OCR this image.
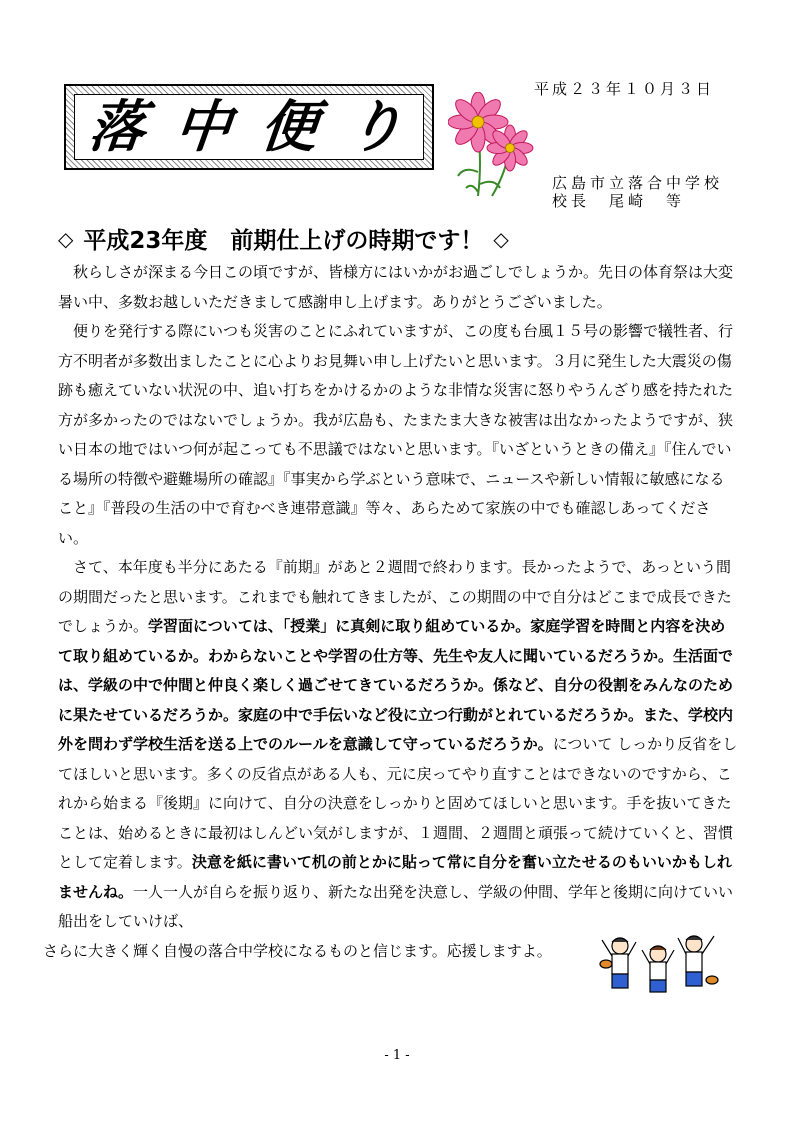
平成２３年１０月３日
落中便り
広島市立落合中学校
校長　尾崎　等
◇ 平成23年度　前期仕上げの時期です！ ◇

秋らしさが深まる今日この頃ですが、皆様方にはいかがお過ごしでしょうか。先日の体育祭は大変暑い中、多数お越しいただきまして感謝申し上げます。ありがとうございました。

便りを発行する際にいつも災害のことにふれていますが、この度も台風１５号の影響で犠牲者、行方不明者が多数出ましたことに心よりお見舞い申し上げたいと思います。３月に発生した大震災の傷跡も癒えていない状況の中、追い打ちをかけるかのような非情な災害に怒りやうんざり感を持たれた方が多かったのではないでしょうか。我が広島も、たまたま大きな被害は出なかったようですが、狭い日本の地ではいつ何が起こっても不思議ではないと思います。『いざというときの備え』『住んでいる場所の特徴や避難場所の確認』『事実から学ぶという意味で、ニュースや新しい情報に敏感になること』『普段の生活の中で育むべき連帯意識』等々、あらためて家族の中でも確認しあってください。

さて、本年度も半分にあたる『前期』があと２週間で終わります。長かったようで、あっという間の期間だったと思います。これまでも触れてきましたが、この期間の中で自分はどこまで成長できたでしょうか。学習面については、「授業」に真剣に取り組めているか。家庭学習を時間と内容を決めて取り組めているか。わからないことや学習の仕方等、先生や友人に聞いているだろうか。生活面では、学級の中で仲間と仲良く楽しく過ごせてきているだろうか。係など、自分の役割をみんなのために果たせているだろうか。家庭の中で手伝いなど役に立つ行動がとれているだろうか。また、学校内外を問わず学校生活を送る上でのルールを意識して守っているだろうか。について しっかり反省をしてほしいと思います。多くの反省点がある人も、元に戻ってやり直すことはできないのですから、これから始まる『後期』に向けて、自分の決意をしっかりと固めてほしいと思います。手を抜いてきたことは、始めるときに最初はしんどい気がしますが、１週間、２週間と頑張って続けていくと、習慣として定着します。決意を紙に書いて机の前とかに貼って常に自分を奮い立たせるのもいいかもしれませんね。一人一人が自らを振り返り、新たな出発を決意し、学級の仲間、学年と後期に向けていい船出をしていけば、
さらに大きく輝く自慢の落合中学校になるものと信じます。応援しますよ。

- 1 -
